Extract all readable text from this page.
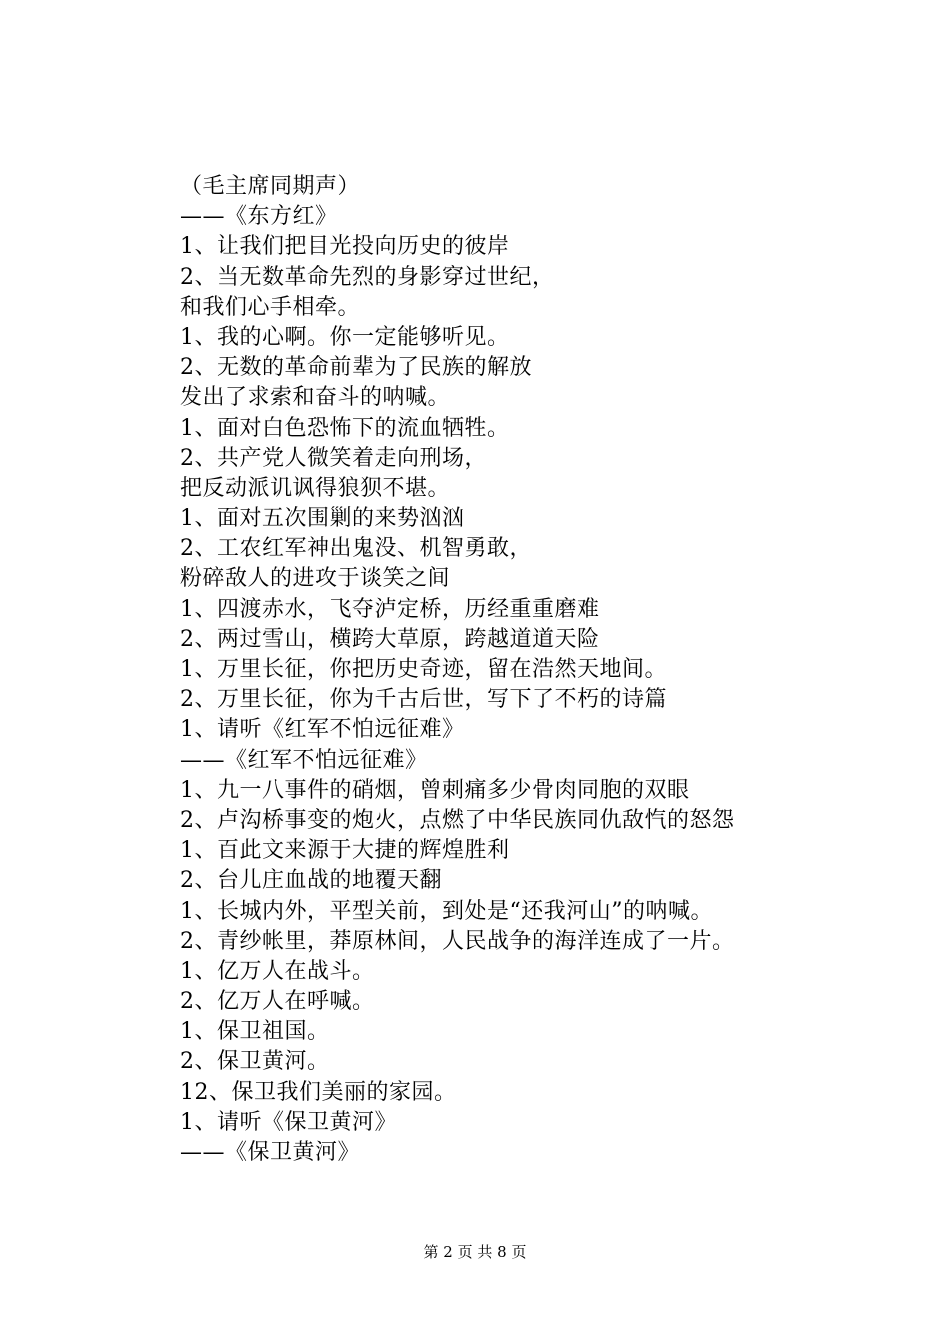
（毛主席同期声）
——《东方红》
1、让我们把目光投向历史的彼岸
2、当无数革命先烈的身影穿过世纪，
和我们心手相牵。
1、我的心啊。你一定能够听见。
2、无数的革命前辈为了民族的解放
发出了求索和奋斗的呐喊。
1、面对白色恐怖下的流血牺牲。
2、共产党人微笑着走向刑场，
把反动派讥讽得狼狈不堪。
1、面对五次围剿的来势汹汹
2、工农红军神出鬼没、机智勇敢，
粉碎敌人的进攻于谈笑之间
1、四渡赤水，飞夺泸定桥，历经重重磨难
2、两过雪山，横跨大草原，跨越道道天险
1、万里长征，你把历史奇迹，留在浩然天地间。
2、万里长征，你为千古后世，写下了不朽的诗篇
1、请听《红军不怕远征难》
——《红军不怕远征难》
1、九一八事件的硝烟，曾刺痛多少骨肉同胞的双眼
2、卢沟桥事变的炮火，点燃了中华民族同仇敌忾的怒怨
1、百此文来源于大捷的辉煌胜利
2、台儿庄血战的地覆天翻
1、长城内外，平型关前，到处是“还我河山”的呐喊。
2、青纱帐里，莽原林间，人民战争的海洋连成了一片。
1、亿万人在战斗。
2、亿万人在呼喊。
1、保卫祖国。
2、保卫黄河。
12、保卫我们美丽的家园。
1、请听《保卫黄河》
——《保卫黄河》
第 2 页 共 8 页
